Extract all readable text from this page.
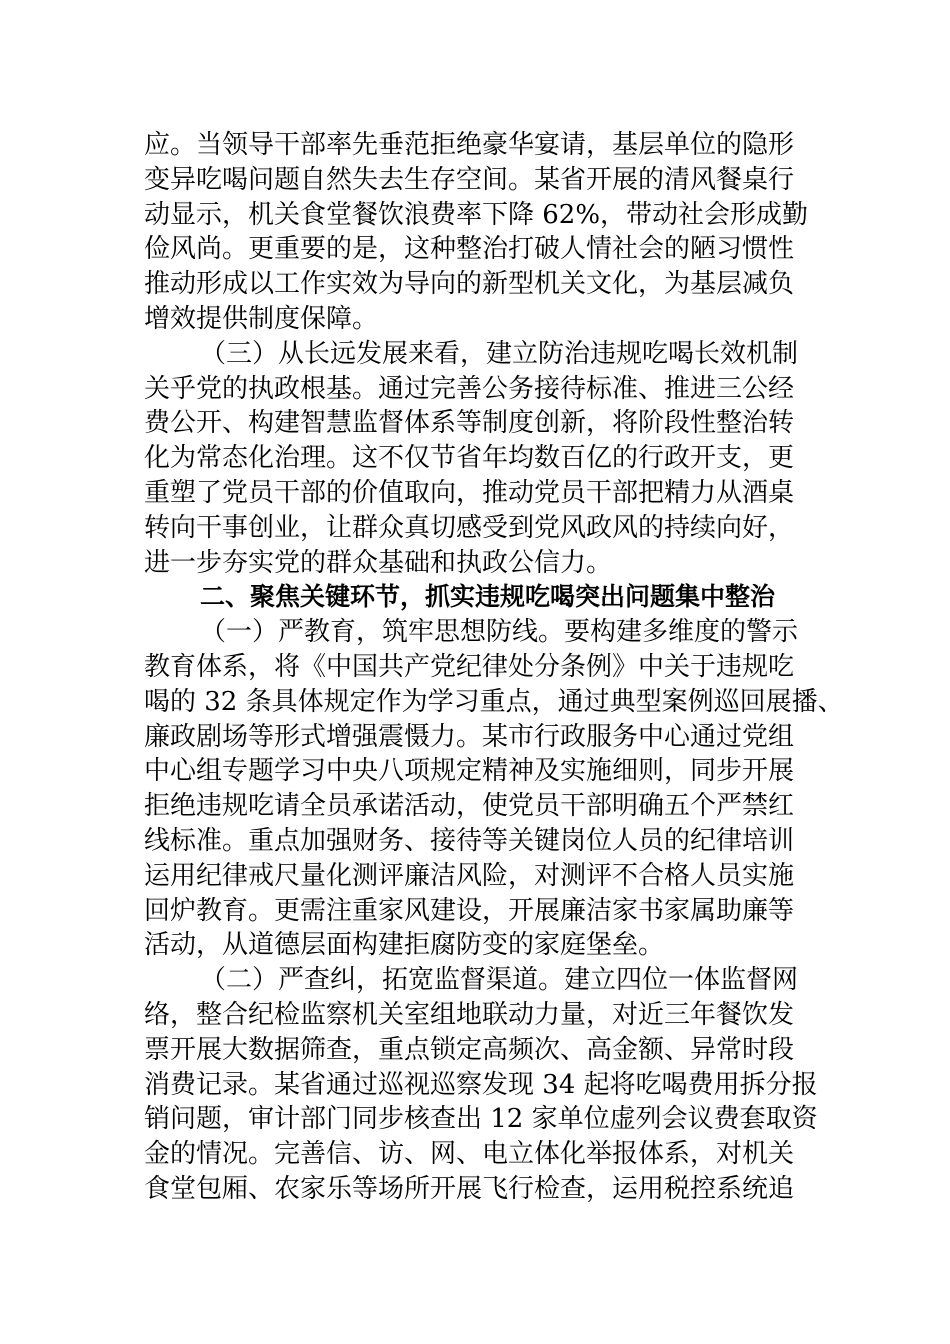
应。当领导干部率先垂范拒绝豪华宴请，基层单位的隐形
变异吃喝问题自然失去生存空间。某省开展的清风餐桌行
动显示，机关食堂餐饮浪费率下降 62%，带动社会形成勤
俭风尚。更重要的是，这种整治打破人情社会的陋习惯性
推动形成以工作实效为导向的新型机关文化，为基层减负
增效提供制度保障。
（三）从长远发展来看，建立防治违规吃喝长效机制
关乎党的执政根基。通过完善公务接待标准、推进三公经
费公开、构建智慧监督体系等制度创新，将阶段性整治转
化为常态化治理。这不仅节省年均数百亿的行政开支，更
重塑了党员干部的价值取向，推动党员干部把精力从酒桌
转向干事创业，让群众真切感受到党风政风的持续向好，
进一步夯实党的群众基础和执政公信力。
二、聚焦关键环节，抓实违规吃喝突出问题集中整治
（一）严教育，筑牢思想防线。要构建多维度的警示
教育体系，将《中国共产党纪律处分条例》中关于违规吃
喝的 32 条具体规定作为学习重点，通过典型案例巡回展播、
廉政剧场等形式增强震慑力。某市行政服务中心通过党组
中心组专题学习中央八项规定精神及实施细则，同步开展
拒绝违规吃请全员承诺活动，使党员干部明确五个严禁红
线标准。重点加强财务、接待等关键岗位人员的纪律培训
运用纪律戒尺量化测评廉洁风险，对测评不合格人员实施
回炉教育。更需注重家风建设，开展廉洁家书家属助廉等
活动，从道德层面构建拒腐防变的家庭堡垒。
（二）严查纠，拓宽监督渠道。建立四位一体监督网
络，整合纪检监察机关室组地联动力量，对近三年餐饮发
票开展大数据筛查，重点锁定高频次、高金额、异常时段
消费记录。某省通过巡视巡察发现 34 起将吃喝费用拆分报
销问题，审计部门同步核查出 12 家单位虚列会议费套取资
金的情况。完善信、访、网、电立体化举报体系，对机关
食堂包厢、农家乐等场所开展飞行检查，运用税控系统追
